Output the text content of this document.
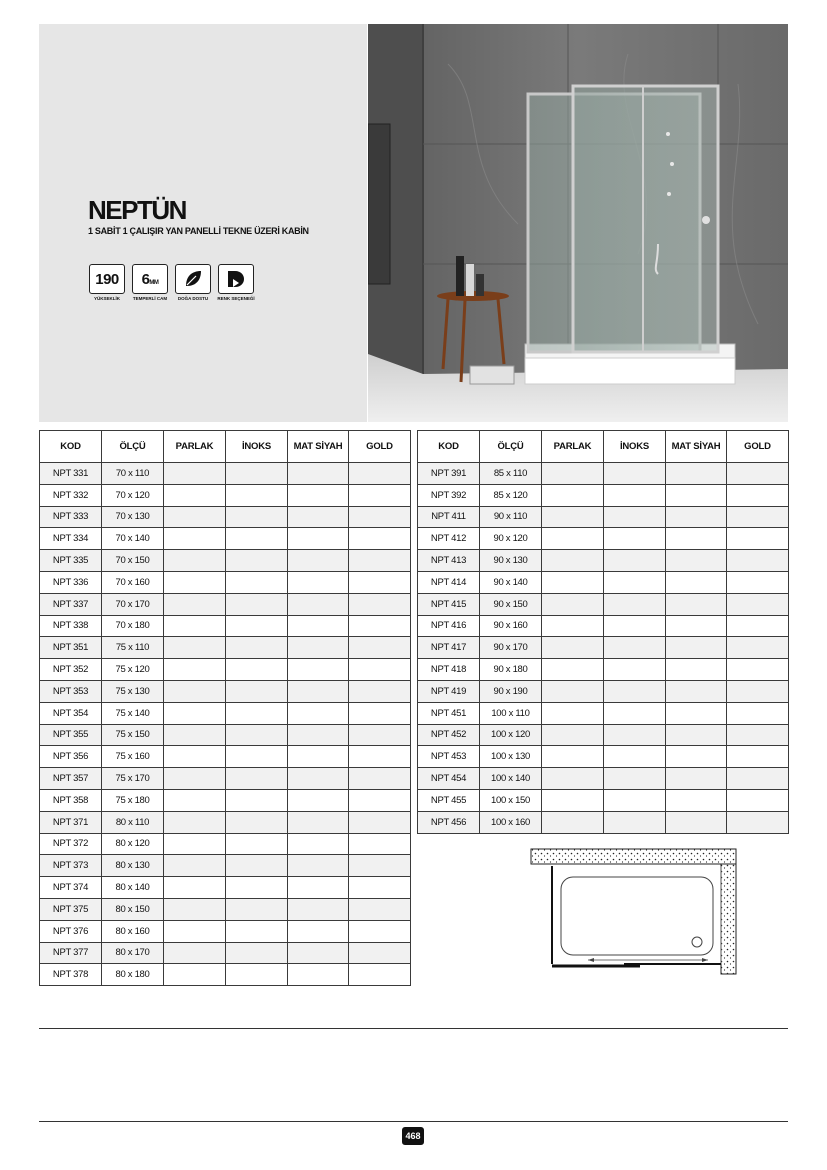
NEPTÜN
1 SABİT 1 ÇALIŞIR YAN PANELLİ TEKNE ÜZERİ KABİN
190
YÜKSEKLİK
6MM
TEMPERLİ CAM DOĞA DOSTU RENK SEÇENEĞİ
KOD	ÖLÇÜ	PARLAK	İNOKS	MAT SİYAH	GOLD
NPT 331	70 x 110				
NPT 332	70 x 120				
NPT 333	70 x 130				
NPT 334	70 x 140				
NPT 335	70 x 150				
NPT 336	70 x 160				
NPT 337	70 x 170				
NPT 338	70 x 180				
NPT 351	75 x 110				
NPT 352	75 x 120				
NPT 353	75 x 130				
NPT 354	75 x 140				
NPT 355	75 x 150				
NPT 356	75 x 160				
NPT 357	75 x 170				
NPT 358	75 x 180				
NPT 371	80 x 110				
NPT 372	80 x 120				
NPT 373	80 x 130				
NPT 374	80 x 140				
NPT 375	80 x 150				
NPT 376	80 x 160				
NPT 377	80 x 170				
NPT 378	80 x 180				
KOD	ÖLÇÜ	PARLAK	İNOKS	MAT SİYAH	GOLD
NPT 391	85 x 110				
NPT 392	85 x 120				
NPT 411	90 x 110				
NPT 412	90 x 120				
NPT 413	90 x 130				
NPT 414	90 x 140				
NPT 415	90 x 150				
NPT 416	90 x 160				
NPT 417	90 x 170				
NPT 418	90 x 180				
NPT 419	90 x 190				
NPT 451	100 x 110				
NPT 452	100 x 120				
NPT 453	100 x 130				
NPT 454	100 x 140				
NPT 455	100 x 150				
NPT 456	100 x 160				
468
